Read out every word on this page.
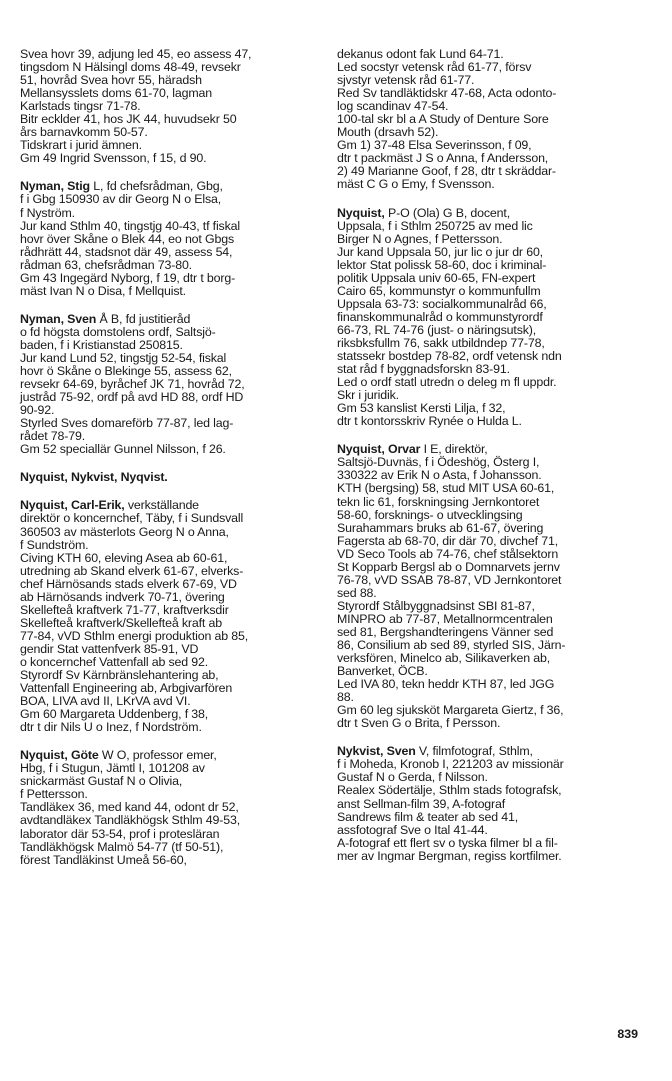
Svea hovr 39, adjung led 45, eo assess 47,
tingsdom N Hälsingl doms 48-49, revsekr
51, hovråd Svea hovr 55, häradsh
Mellansysslets doms 61-70, lagman
Karlstads tingsr 71-78.
Bitr ecklder 41, hos JK 44, huvudsekr 50
års barnavkomm 50-57.
Tidskrart i jurid ämnen.
Gm 49 Ingrid Svensson, f 15, d 90.
Nyman, Stig L, fd chefsrådman, Gbg,
f i Gbg 150930 av dir Georg N o Elsa,
f Nyström.
Jur kand Sthlm 40, tingstjg 40-43, tf fiskal
hovr över Skåne o Blek 44, eo not Gbgs
rådhrätt 44, stadsnot där 49, assess 54,
rådman 63, chefsrådman 73-80.
Gm 43 Ingegärd Nyborg, f 19, dtr t borg-
mäst Ivan N o Disa, f Mellquist.
Nyman, Sven Å B, fd justitieråd
o fd högsta domstolens ordf, Saltsjö-
baden, f i Kristianstad 250815.
Jur kand Lund 52, tingstjg 52-54, fiskal
hovr ö Skåne o Blekinge 55, assess 62,
revsekr 64-69, byråchef JK 71, hovråd 72,
justråd 75-92, ordf på avd HD 88, ordf HD
90-92.
Styrled Sves domareförb 77-87, led lag-
rådet 78-79.
Gm 52 speciallär Gunnel Nilsson, f 26.
Nyquist, Nykvist, Nyqvist.
Nyquist, Carl-Erik, verkställande
direktör o koncernchef, Täby, f i Sundsvall
360503 av mästerlots Georg N o Anna,
f Sundström.
Civing KTH 60, eleving Asea ab 60-61,
utredning ab Skand elverk 61-67, elverks-
chef Härnösands stads elverk 67-69, VD
ab Härnösands indverk 70-71, övering
Skellefteå kraftverk 71-77, kraftverksdir
Skellefteå kraftverk/Skellefteå kraft ab
77-84, vVD Sthlm energi produktion ab 85,
gendir Stat vattenfverk 85-91, VD
o koncernchef Vattenfall ab sed 92.
Styrordf Sv Kärnbränslehantering ab,
Vattenfall Engineering ab, Arbgivarfören
BOA, LIVA avd II, LKrVA avd VI.
Gm 60 Margareta Uddenberg, f 38,
dtr t dir Nils U o Inez, f Nordström.
Nyquist, Göte W O, professor emer,
Hbg, f i Stugun, Jämtl I, 101208 av
snickarmäst Gustaf N o Olivia,
f Pettersson.
Tandläkex 36, med kand 44, odont dr 52,
avdtandläkex Tandläkhögsk Sthlm 49-53,
laborator där 53-54, prof i protesläran
Tandläkhögsk Malmö 54-77 (tf 50-51),
förest Tandläkinst Umeå 56-60,
dekanus odont fak Lund 64-71.
Led socstyr vetensk råd 61-77, försv
sjvstyr vetensk råd 61-77.
Red Sv tandläktidskr 47-68, Acta odonto-
log scandinav 47-54.
100-tal skr bl a A Study of Denture Sore
Mouth (drsavh 52).
Gm 1) 37-48 Elsa Severinsson, f 09,
dtr t packmäst J S o Anna, f Andersson,
2) 49 Marianne Goof, f 28, dtr t skräddar-
mäst C G o Emy, f Svensson.
Nyquist, P-O (Ola) G B, docent,
Uppsala, f i Sthlm 250725 av med lic
Birger N o Agnes, f Pettersson.
Jur kand Uppsala 50, jur lic o jur dr 60,
lektor Stat polissk 58-60, doc i kriminal-
politik Uppsala univ 60-65, FN-expert
Cairo 65, kommunstyr o kommunfullm
Uppsala 63-73: socialkommunalråd 66,
finanskommunalråd o kommunstyrordf
66-73, RL 74-76 (just- o näringsutsk),
riksbksfullm 76, sakk utbildndep 77-78,
statssekr bostdep 78-82, ordf vetensk ndn
stat råd f byggnadsforskn 83-91.
Led o ordf statl utredn o deleg m fl uppdr.
Skr i juridik.
Gm 53 kanslist Kersti Lilja, f 32,
dtr t kontorsskriv Rynée o Hulda L.
Nyquist, Orvar I E, direktör,
Saltsjö-Duvnäs, f i Ödeshög, Österg I,
330322 av Erik N o Asta, f Johansson.
KTH (bergsing) 58, stud MIT USA 60-61,
tekn lic 61, forskningsing Jernkontoret
58-60, forsknings- o utvecklingsing
Surahammars bruks ab 61-67, övering
Fagersta ab 68-70, dir där 70, divchef 71,
VD Seco Tools ab 74-76, chef stålsektorn
St Kopparb Bergsl ab o Domnarvets jernv
76-78, vVD SSAB 78-87, VD Jernkontoret
sed 88.
Styrordf Stålbyggnadsinst SBI 81-87,
MINPRO ab 77-87, Metallnormcentralen
sed 81, Bergshandteringens Vänner sed
86, Consilium ab sed 89, styrled SIS, Järn-
verksfören, Minelco ab, Silikaverken ab,
Banverket, ÖCB.
Led IVA 80, tekn heddr KTH 87, led JGG
88.
Gm 60 leg sjuksköt Margareta Giertz, f 36,
dtr t Sven G o Brita, f Persson.
Nykvist, Sven V, filmfotograf, Sthlm,
f i Moheda, Kronob I, 221203 av missionär
Gustaf N o Gerda, f Nilsson.
Realex Södertälje, Sthlm stads fotografsk,
anst Sellman-film 39, A-fotograf
Sandrews film & teater ab sed 41,
assfotograf Sve o Ital 41-44.
A-fotograf ett flert sv o tyska filmer bl a fil-
mer av Ingmar Bergman, regiss kortfilmer.
839
